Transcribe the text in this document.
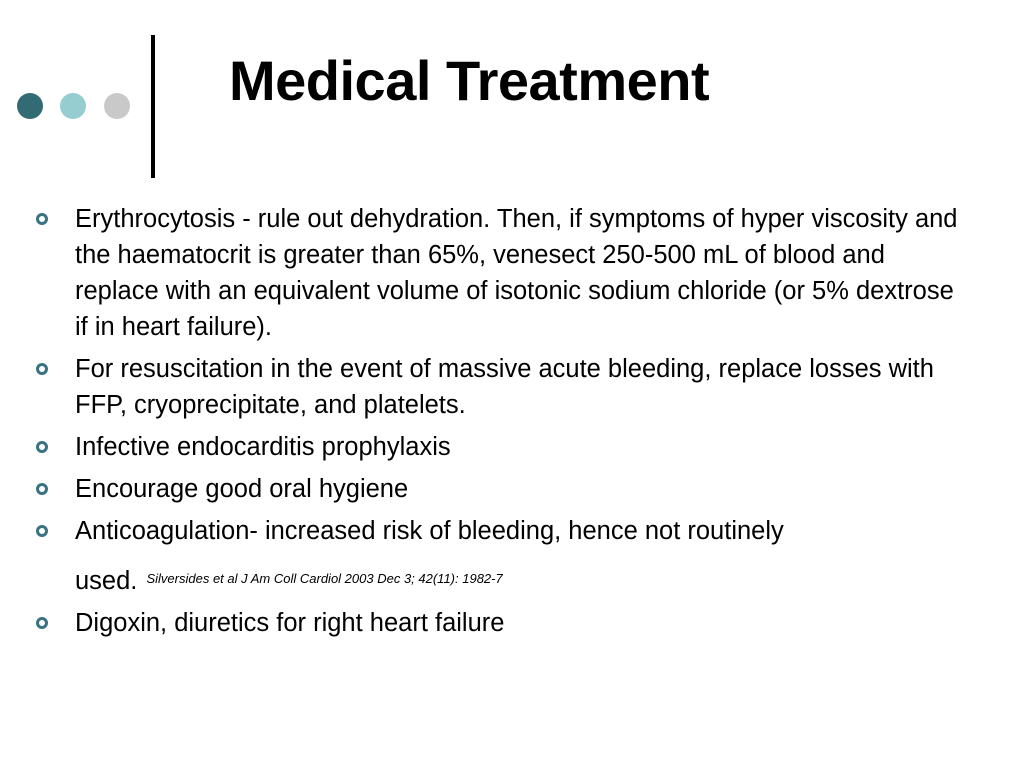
Medical Treatment
Erythrocytosis - rule out dehydration. Then, if symptoms of hyper viscosity and the haematocrit is greater than 65%, venesect 250-500 mL of blood and replace with an equivalent volume of isotonic sodium chloride (or 5% dextrose if in heart failure).
For resuscitation in the event of massive acute bleeding, replace losses with FFP, cryoprecipitate, and platelets.
Infective endocarditis prophylaxis
Encourage good oral hygiene
Anticoagulation- increased risk of bleeding, hence not routinely
used. $^{Silversides et al J Am Coll Cardiol 2003 Dec 3; 42(11): 1982-7}$
Digoxin, diuretics for right heart failure
